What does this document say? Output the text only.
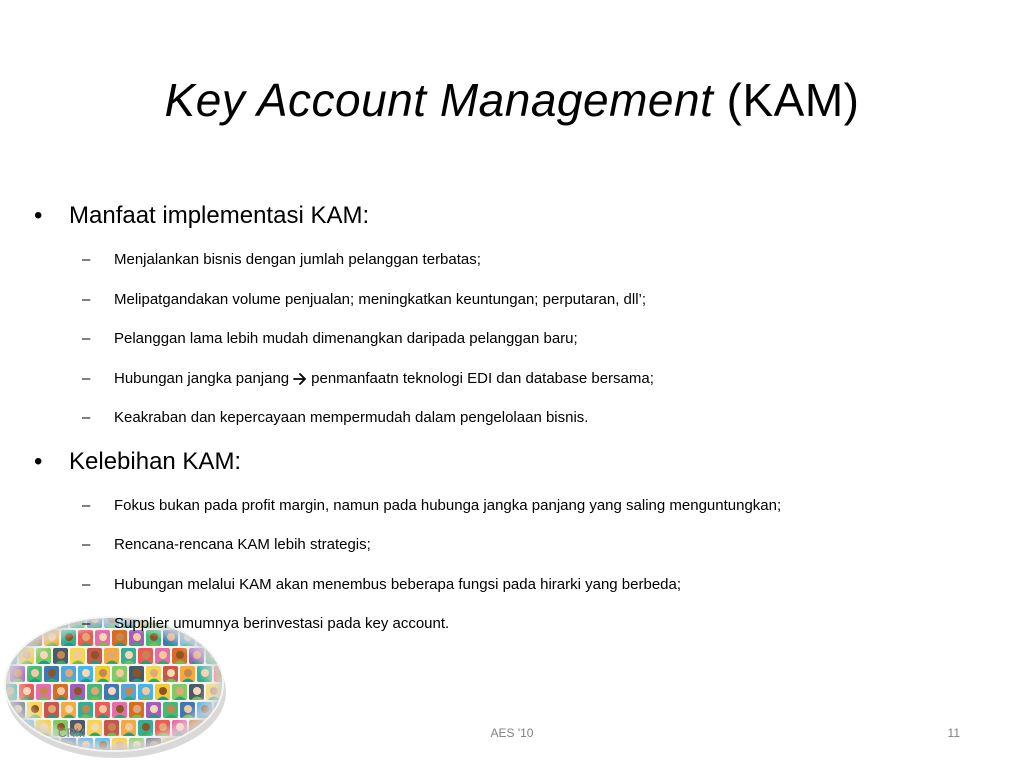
Key Account Management (KAM)
•	Manfaat implementasi KAM:
– Menjalankan bisnis dengan jumlah pelanggan terbatas;
– Melipatgandakan volume penjualan; meningkatkan keuntungan; perputaran, dll’;
– Pelanggan lama lebih mudah dimenangkan daripada pelanggan baru;
– Hubungan jangka panjang penmanfaatn teknologi EDI dan database bersama;
– Keakraban dan kepercayaan mempermudah dalam pengelolaan bisnis.
•	Kelebihan KAM:
– Fokus bukan pada profit margin, namun pada hubunga jangka panjang yang saling menguntungkan;
– Rencana-rencana KAM lebih strategis;
– Hubungan melalui KAM akan menembus beberapa fungsi pada hirarki yang berbeda;
– Supplier umumnya berinvestasi pada key account.
CRM	AES '10	11
